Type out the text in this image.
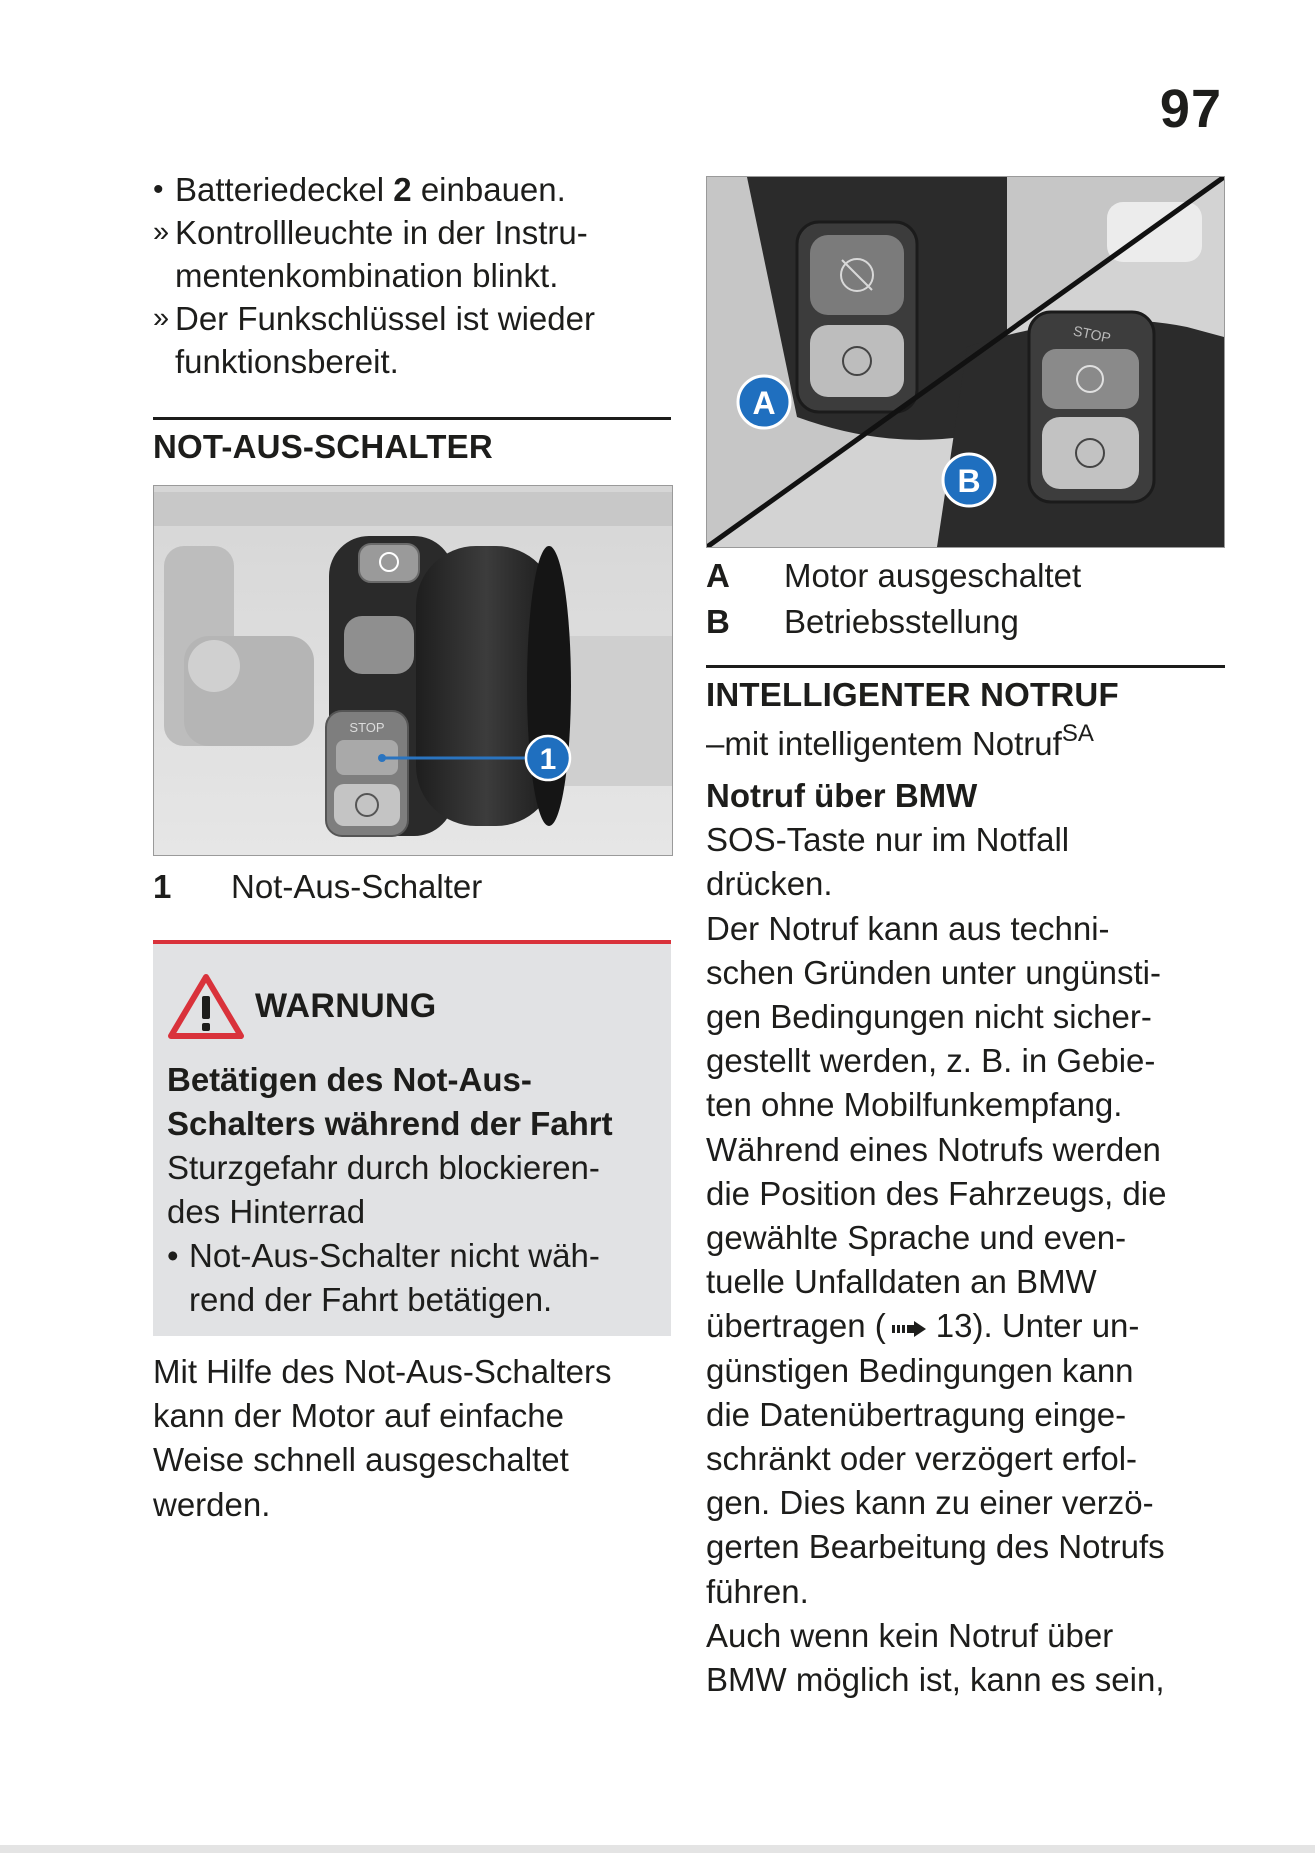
97
• Batteriedeckel 2 einbauen.
» Kontrollleuchte in der Instru-
mentenkombination blinkt.
» Der Funkschlüssel ist wieder
funktionsbereit.
NOT-AUS-SCHALTER
STOP
1
1	Not-Aus-Schalter
WARNUNG
Betätigen des Not-Aus-
Schalters während der Fahrt
Sturzgefahr durch blockieren-
des Hinterrad
• Not-Aus-Schalter nicht wäh-
rend der Fahrt betätigen.
Mit Hilfe des Not-Aus-Schalters
kann der Motor auf einfache
Weise schnell ausgeschaltet
werden.
STOP
A
B
A	Motor ausgeschaltet
B	Betriebsstellung
INTELLIGENTER NOTRUF
–mit intelligentem Notruf$^{SA}$
Notruf über BMW
SOS-Taste nur im Notfall
drücken.
Der Notruf kann aus techni-
schen Gründen unter ungünsti-
gen Bedingungen nicht sicher-
gestellt werden, z. B. in Gebie-
ten ohne Mobilfunkempfang.
Während eines Notrufs werden
die Position des Fahrzeugs, die
gewählte Sprache und even-
tuelle Unfalldaten an BMW
übertragen ( 13). Unter un-
günstigen Bedingungen kann
die Datenübertragung einge-
schränkt oder verzögert erfol-
gen. Dies kann zu einer verzö-
gerten Bearbeitung des Notrufs
führen.
Auch wenn kein Notruf über
BMW möglich ist, kann es sein,
